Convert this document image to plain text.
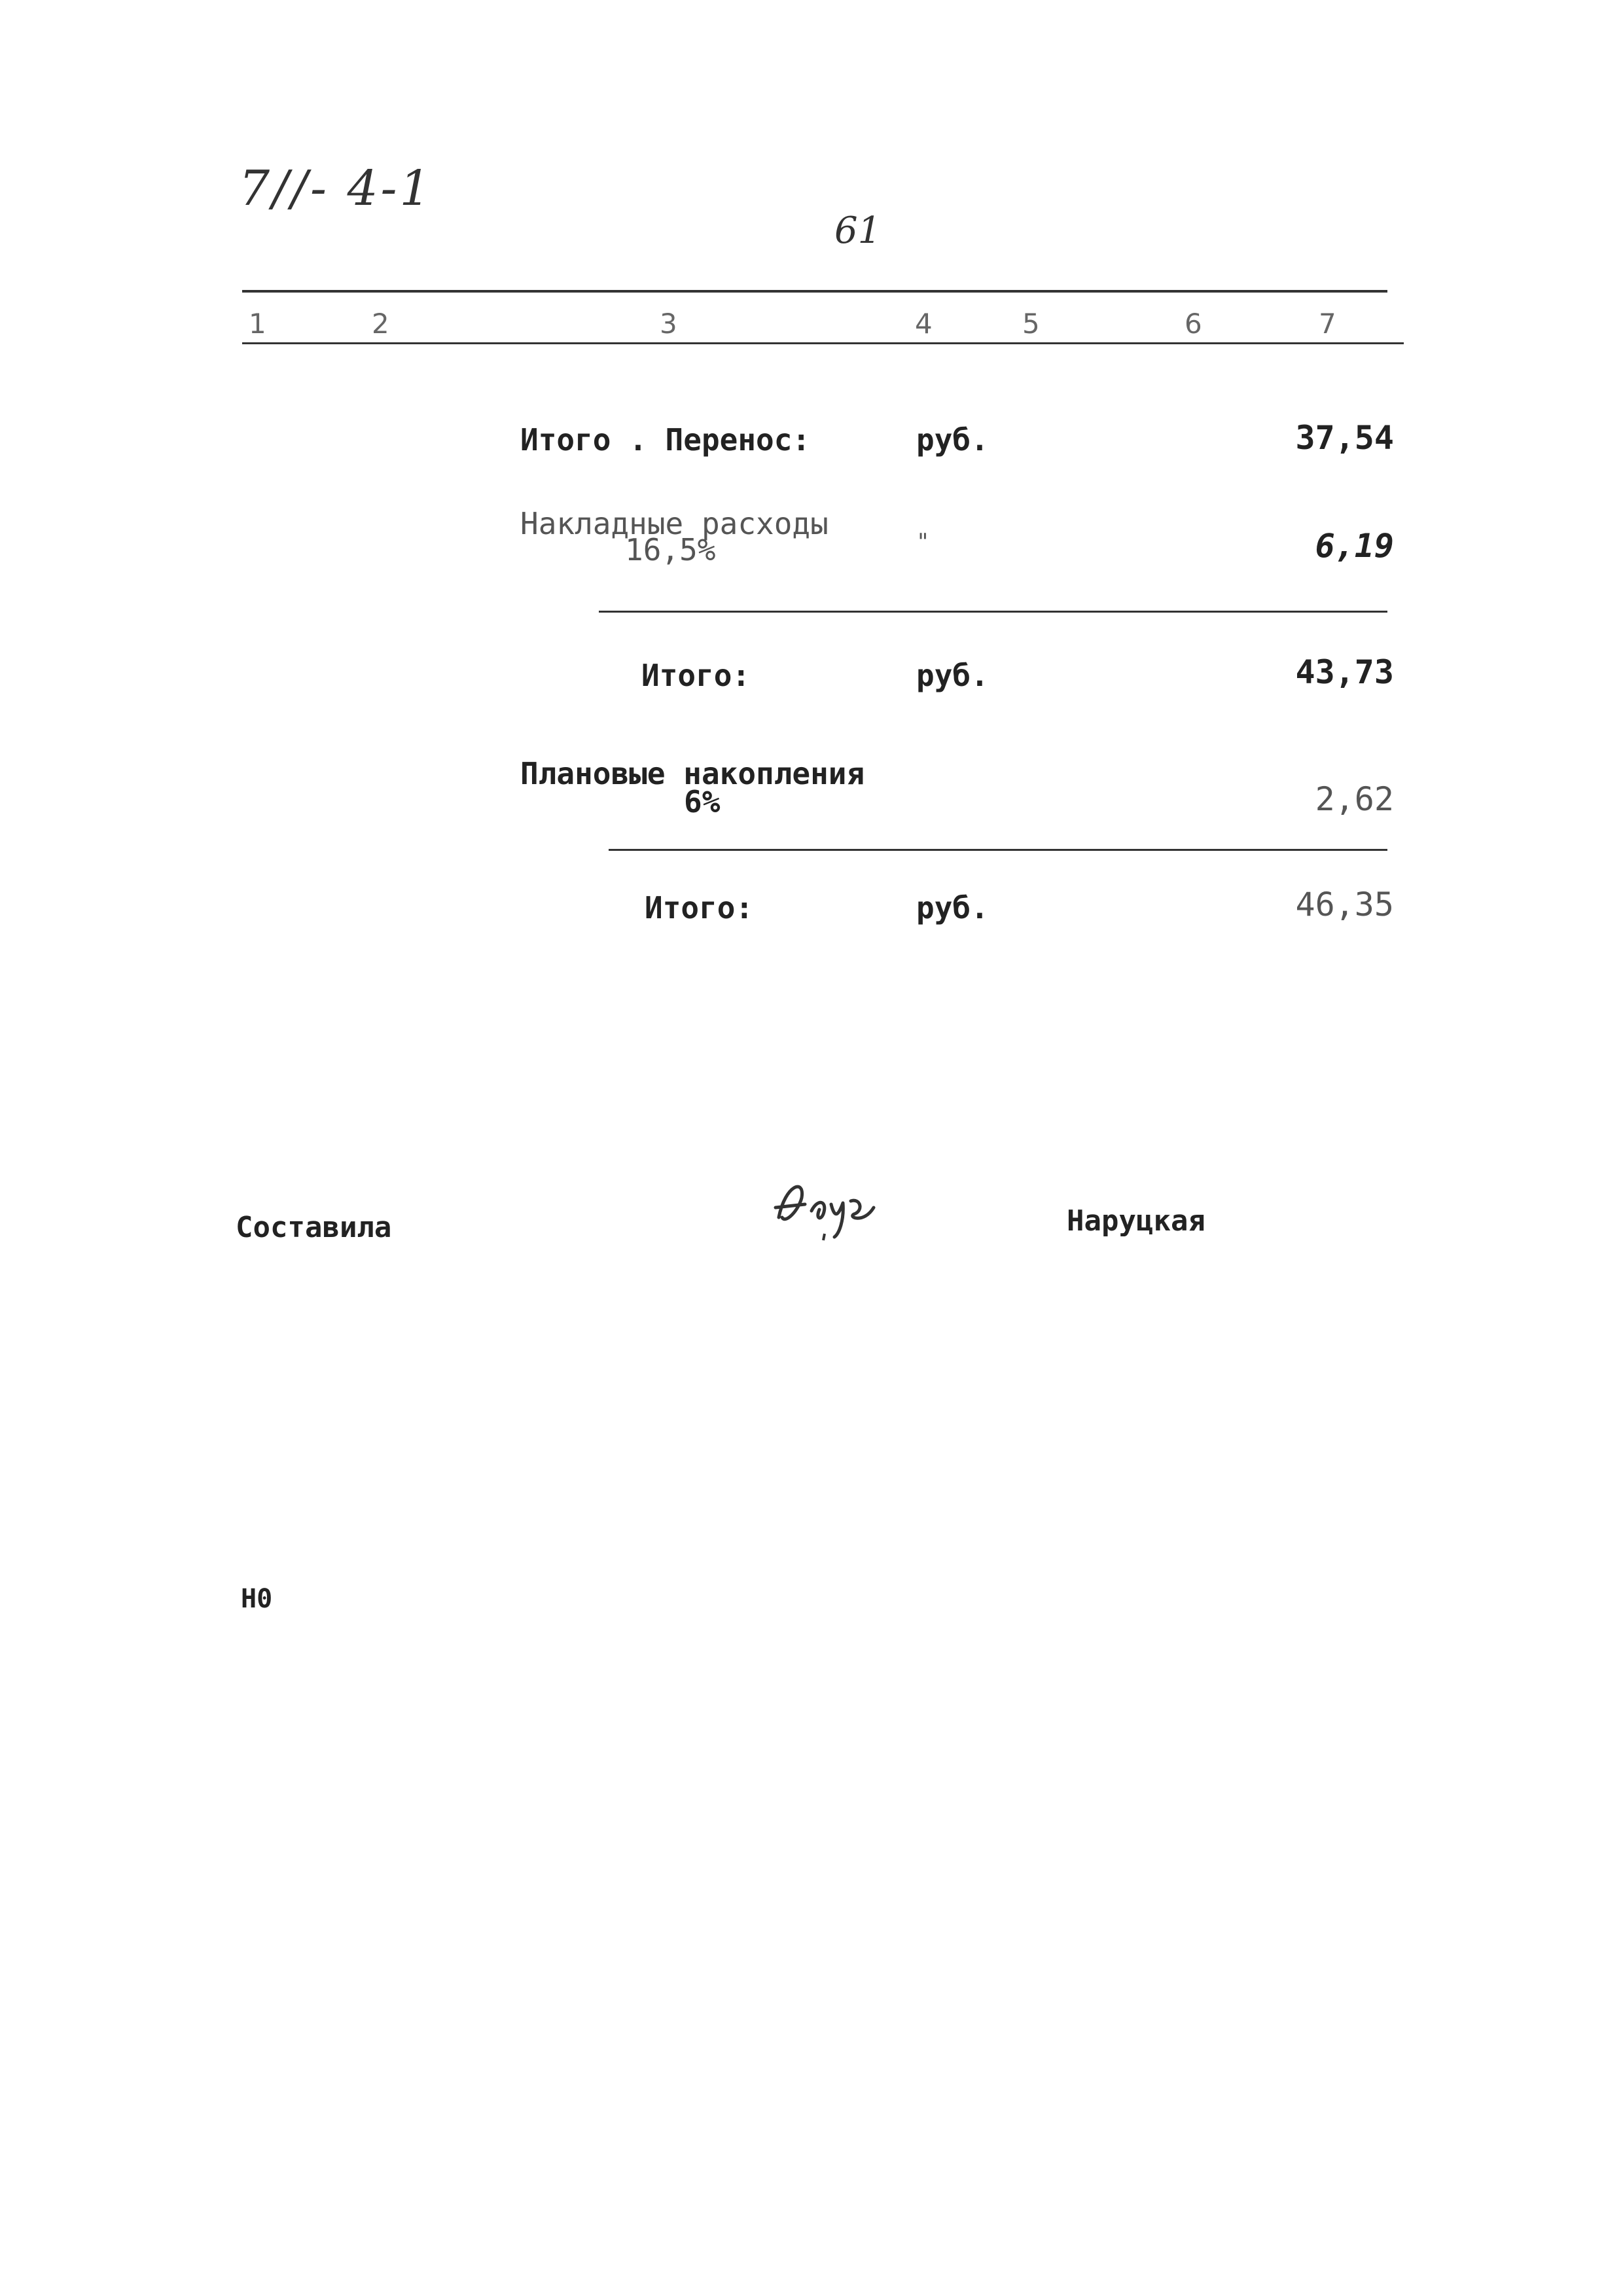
7//- 4-1
61
1	2	3	4	5	6	7
Итого . Перенос:	руб.	37,54
Накладные расходы
16,5%	"	6,19
Итого:	руб.	43,73
Плановые накопления
6%	2,62
Итого:	руб.	46,35
Составила	Наруцкая
Н0
